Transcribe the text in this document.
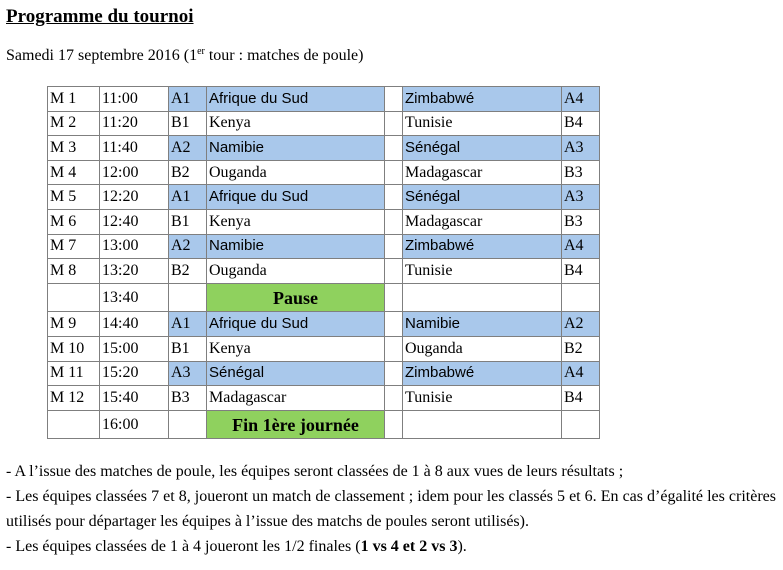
Programme du tournoi
Samedi 17 septembre 2016 (1er tour : matches de poule)
M 1	11:00	A1	Afrique du Sud		Zimbabwé	A4
M 2	11:20	B1	Kenya		Tunisie	B4
M 3	11:40	A2	Namibie		Sénégal	A3
M 4	12:00	B2	Ouganda		Madagascar	B3
M 5	12:20	A1	Afrique du Sud		Sénégal	A3
M 6	12:40	B1	Kenya		Madagascar	B3
M 7	13:00	A2	Namibie		Zimbabwé	A4
M 8	13:20	B2	Ouganda		Tunisie	B4
	13:40		Pause			
M 9	14:40	A1	Afrique du Sud		Namibie	A2
M 10	15:00	B1	Kenya		Ouganda	B2
M 11	15:20	A3	Sénégal		Zimbabwé	A4
M 12	15:40	B3	Madagascar		Tunisie	B4
	16:00		Fin 1ère journée			

- A l’issue des matches de poule, les équipes seront classées de 1 à 8 aux vues de leurs résultats ;

- Les équipes classées 7 et 8, joueront un match de classement ; idem pour les classés 5 et 6. En cas d’égalité les critères utilisés pour départager les équipes à l’issue des matchs de poules seront utilisés).

- Les équipes classées de 1 à 4 joueront les 1/2 finales (1 vs 4 et 2 vs 3).
